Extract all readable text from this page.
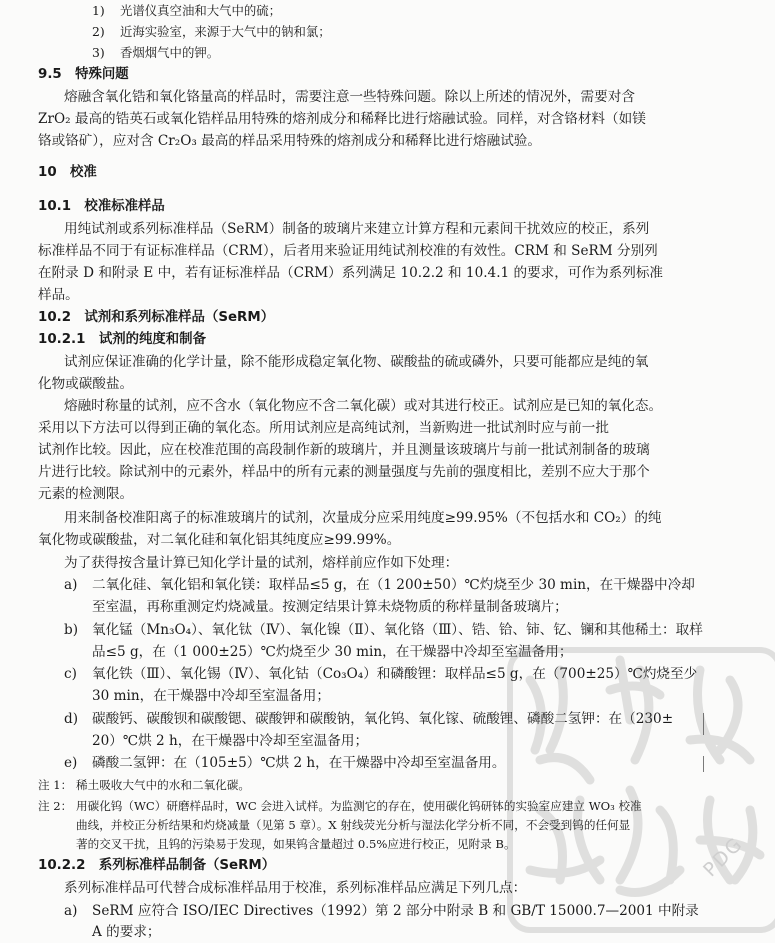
1) 光谱仪真空油和大气中的硫；
2) 近海实验室，来源于大气中的钠和氯；
3) 香烟烟气中的钾。
9.5　特殊问题
熔融含氧化锆和氧化铬量高的样品时，需要注意一些特殊问题。除以上所述的情况外，需要对含
ZrO₂ 最高的锆英石或氧化锆样品用特殊的熔剂成分和稀释比进行熔融试验。同样，对含铬材料（如镁
铬或铬矿），应对含 Cr₂O₃ 最高的样品采用特殊的熔剂成分和稀释比进行熔融试验。
10　校准
10.1　校准标准样品
用纯试剂或系列标准样品（SeRM）制备的玻璃片来建立计算方程和元素间干扰效应的校正，系列
标准样品不同于有证标准样品（CRM），后者用来验证用纯试剂校准的有效性。CRM 和 SeRM 分别列
在附录 D 和附录 E 中，若有证标准样品（CRM）系列满足 10.2.2 和 10.4.1 的要求，可作为系列标准
样品。
10.2　试剂和系列标准样品（SeRM）
10.2.1　试剂的纯度和制备
试剂应保证准确的化学计量，除不能形成稳定氧化物、碳酸盐的硫或磷外，只要可能都应是纯的氧
化物或碳酸盐。
熔融时称量的试剂，应不含水（氧化物应不含二氧化碳）或对其进行校正。试剂应是已知的氧化态。
采用以下方法可以得到正确的氧化态。所用试剂应是高纯试剂，当新购进一批试剂时应与前一批
试剂作比较。因此，应在校准范围的高段制作新的玻璃片，并且测量该玻璃片与前一批试剂制备的玻璃
片进行比较。除试剂中的元素外，样品中的所有元素的测量强度与先前的强度相比，差别不应大于那个
元素的检测限。
用来制备校准阳离子的标准玻璃片的试剂，次量成分应采用纯度≥99.95%（不包括水和 CO₂）的纯
氧化物或碳酸盐，对二氧化硅和氧化铝其纯度应≥99.99%。
为了获得按含量计算已知化学计量的试剂，熔样前应作如下处理：
a) 二氧化硅、氧化铝和氧化镁：取样品≤5 g，在（1 200±50）℃灼烧至少 30 min，在干燥器中冷却
至室温，再称重测定灼烧减量。按测定结果计算未烧物质的称样量制备玻璃片；
b) 氧化锰（Mn₃O₄）、氧化钛（Ⅳ）、氧化镍（Ⅱ）、氧化铬（Ⅲ）、锆、铪、铈、钇、镧和其他稀土：取样
品≤5 g，在（1 000±25）℃灼烧至少 30 min，在干燥器中冷却至室温备用；
c) 氧化铁（Ⅲ）、氧化锡（Ⅳ）、氧化钴（Co₃O₄）和磷酸锂：取样品≤5 g，在（700±25）℃灼烧至少
30 min，在干燥器中冷却至室温备用；
d) 碳酸钙、碳酸钡和碳酸锶、碳酸钾和碳酸钠，氧化钨、氧化镓、硫酸锂、磷酸二氢钾：在（230±
20）℃烘 2 h，在干燥器中冷却至室温备用；
e) 磷酸二氢钾：在（105±5）℃烘 2 h，在干燥器中冷却至室温备用。
注 1： 稀土吸收大气中的水和二氧化碳。
注 2： 用碳化钨（WC）研磨样品时，WC 会进入试样。为监测它的存在，使用碳化钨研钵的实验室应建立 WO₃ 校准
曲线，并校正分析结果和灼烧减量（见第 5 章）。X 射线荧光分析与湿法化学分析不同，不会受到钨的任何显
著的交叉干扰，且钨的污染易于发现，如果钨含量超过 0.5%应进行校正，见附录 B。
10.2.2　系列标准样品制备（SeRM）
系列标准样品可代替合成标准样品用于校准，系列标准样品应满足下列几点：
a) SeRM 应符合 ISO/IEC Directives（1992）第 2 部分中附录 B 和 GB/T 15000.7—2001 中附录
A 的要求；
PDG
